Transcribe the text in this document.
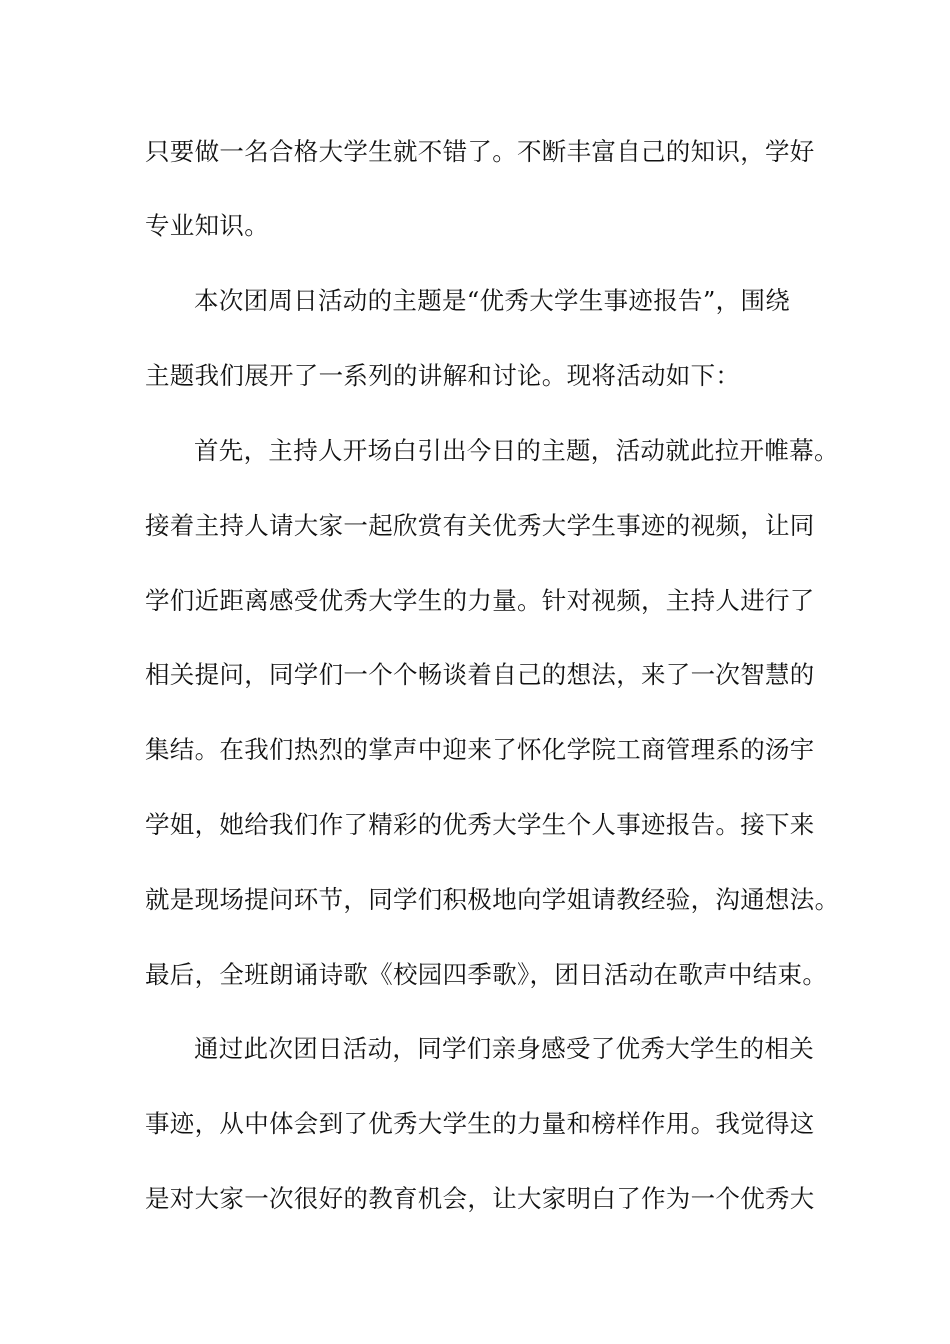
只要做一名合格大学生就不错了。不断丰富自己的知识，学好
专业知识。
本次团周日活动的主题是“优秀大学生事迹报告”，围绕
主题我们展开了一系列的讲解和讨论。现将活动如下：
首先，主持人开场白引出今日的主题，活动就此拉开帷幕。
接着主持人请大家一起欣赏有关优秀大学生事迹的视频，让同
学们近距离感受优秀大学生的力量。针对视频，主持人进行了
相关提问，同学们一个个畅谈着自己的想法，来了一次智慧的
集结。在我们热烈的掌声中迎来了怀化学院工商管理系的汤宇
学姐，她给我们作了精彩的优秀大学生个人事迹报告。接下来
就是现场提问环节，同学们积极地向学姐请教经验，沟通想法。
最后，全班朗诵诗歌《校园四季歌》，团日活动在歌声中结束。
通过此次团日活动，同学们亲身感受了优秀大学生的相关
事迹，从中体会到了优秀大学生的力量和榜样作用。我觉得这
是对大家一次很好的教育机会，让大家明白了作为一个优秀大
